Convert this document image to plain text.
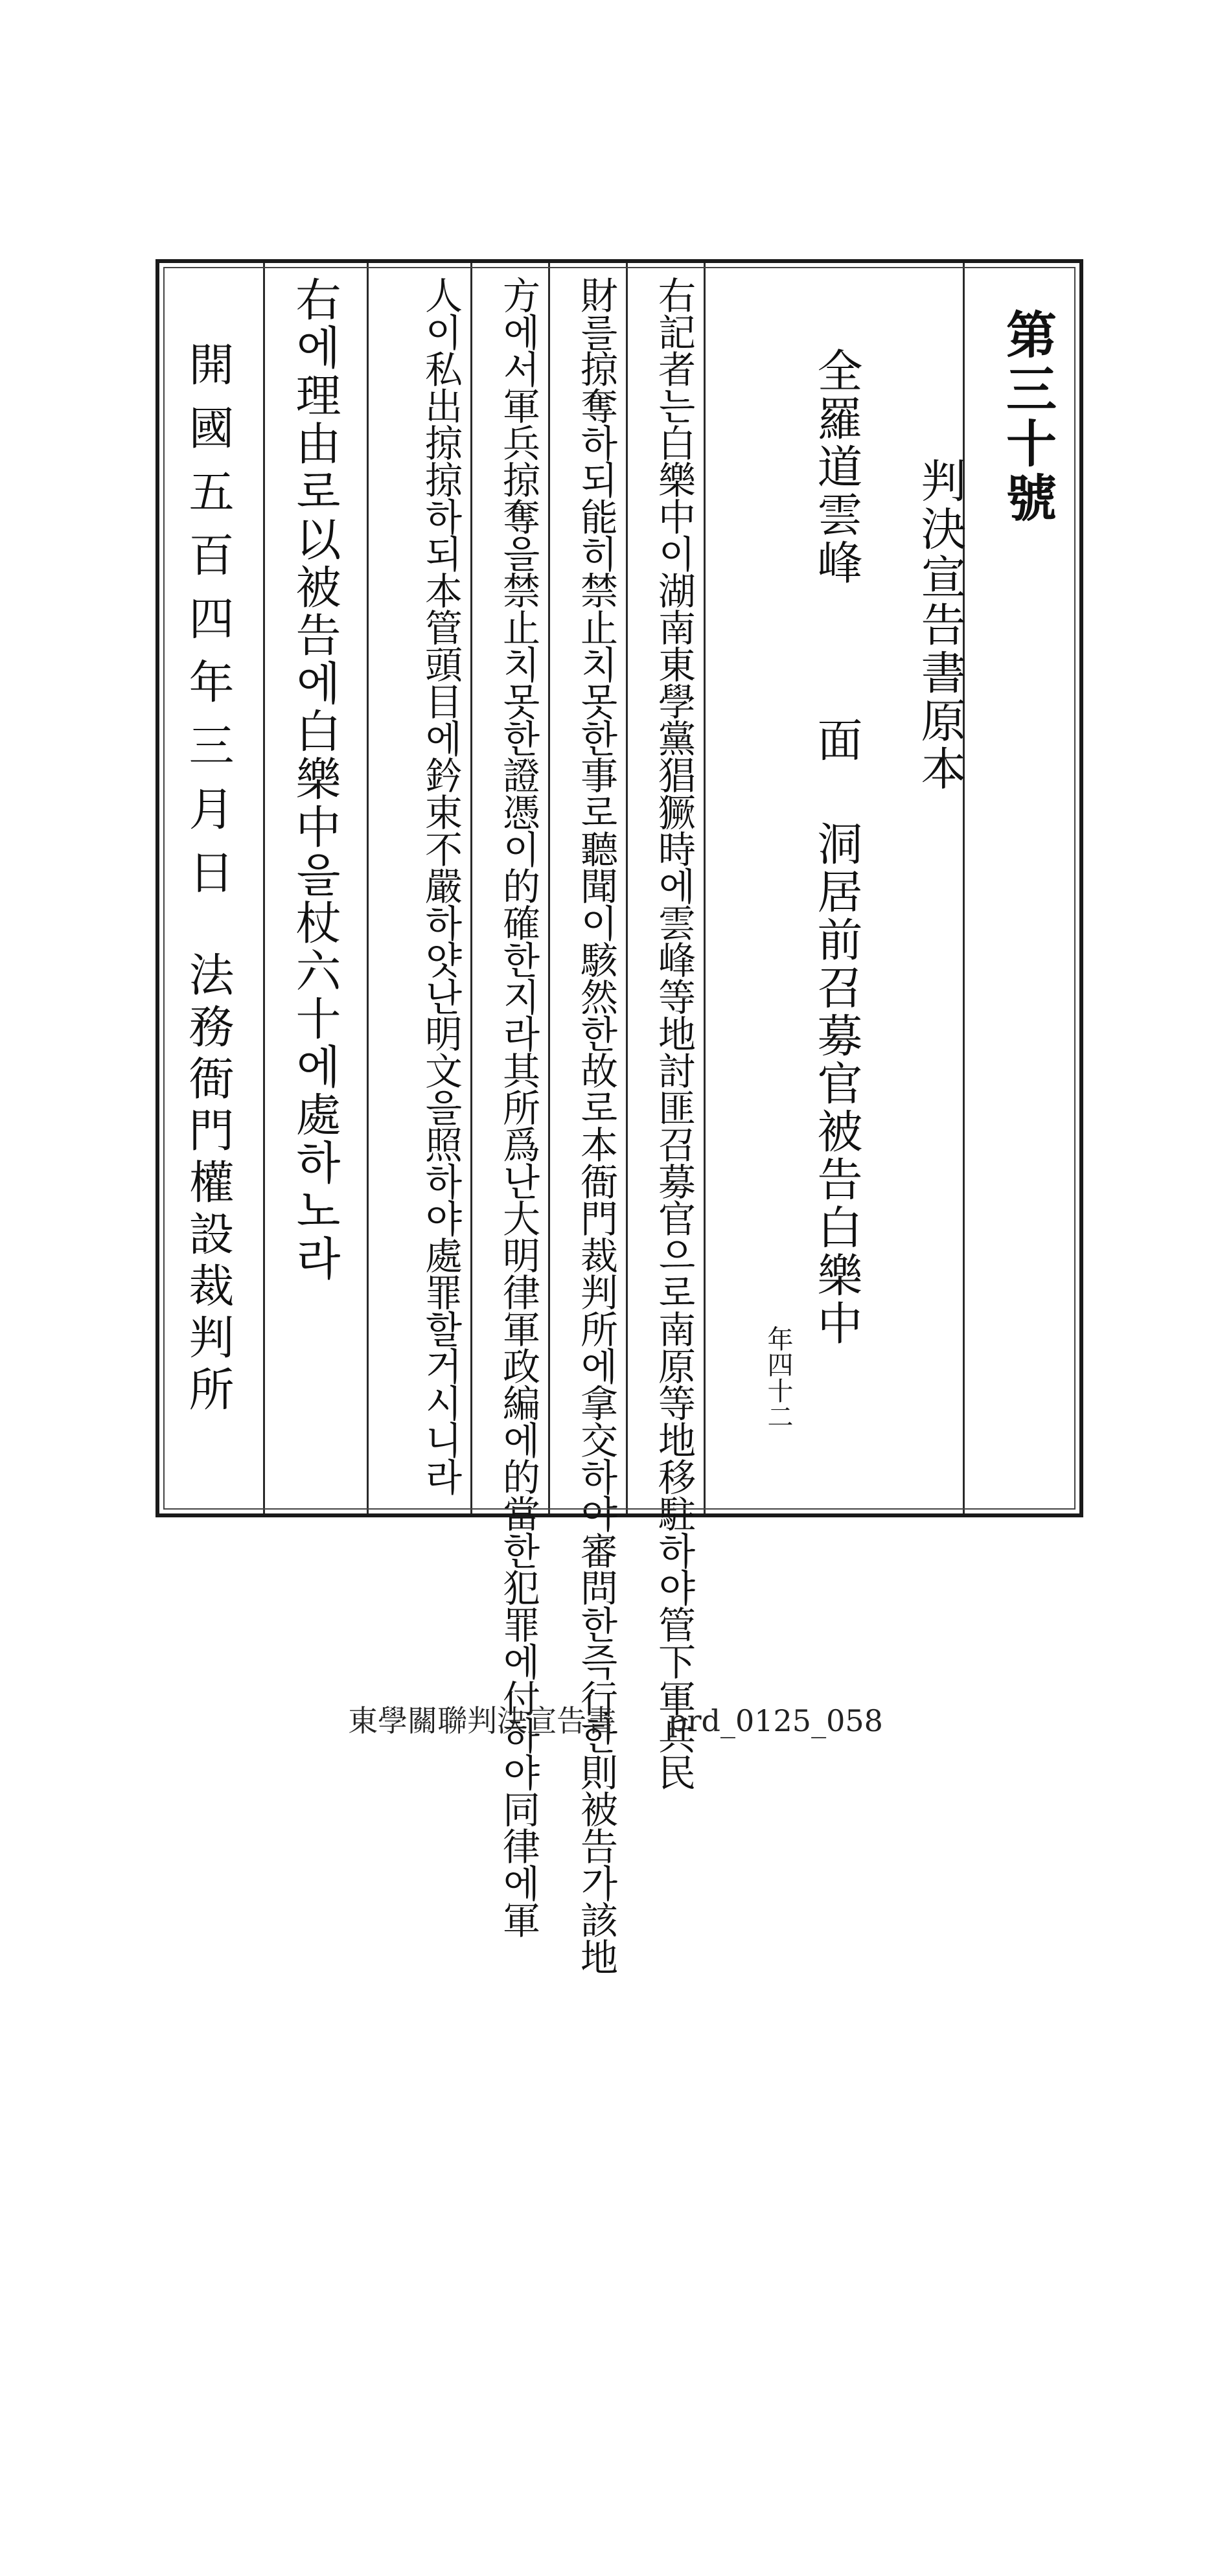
第三十號
判決宣告書原本
全羅道雲峰面 洞居前召募官被告白樂中
年四十二
右記者는白樂中이湖南東學黨猖獗時에雲峰等地討匪召募官으로南原等地移駐하야管下軍兵民
財를掠奪하되能히禁止치못한事로聽聞이駭然한故로本衙門裁判所에拿交하야審問한즉行한則被告가該地
方에서軍兵掠奪을禁止치못한證憑이的確한지라其所爲난大明律軍政編에的當한犯罪에付하야同律에軍
人이私出掠掠하되本管頭目에鈐束不嚴하얏난明文을照하야處罪할거시니라
右에理由로以被告에白樂中을杖六十에處하노라
開國五百四年三月日法務衙門權設裁判所
東學關聯判決宣告書 prd_0125_058
